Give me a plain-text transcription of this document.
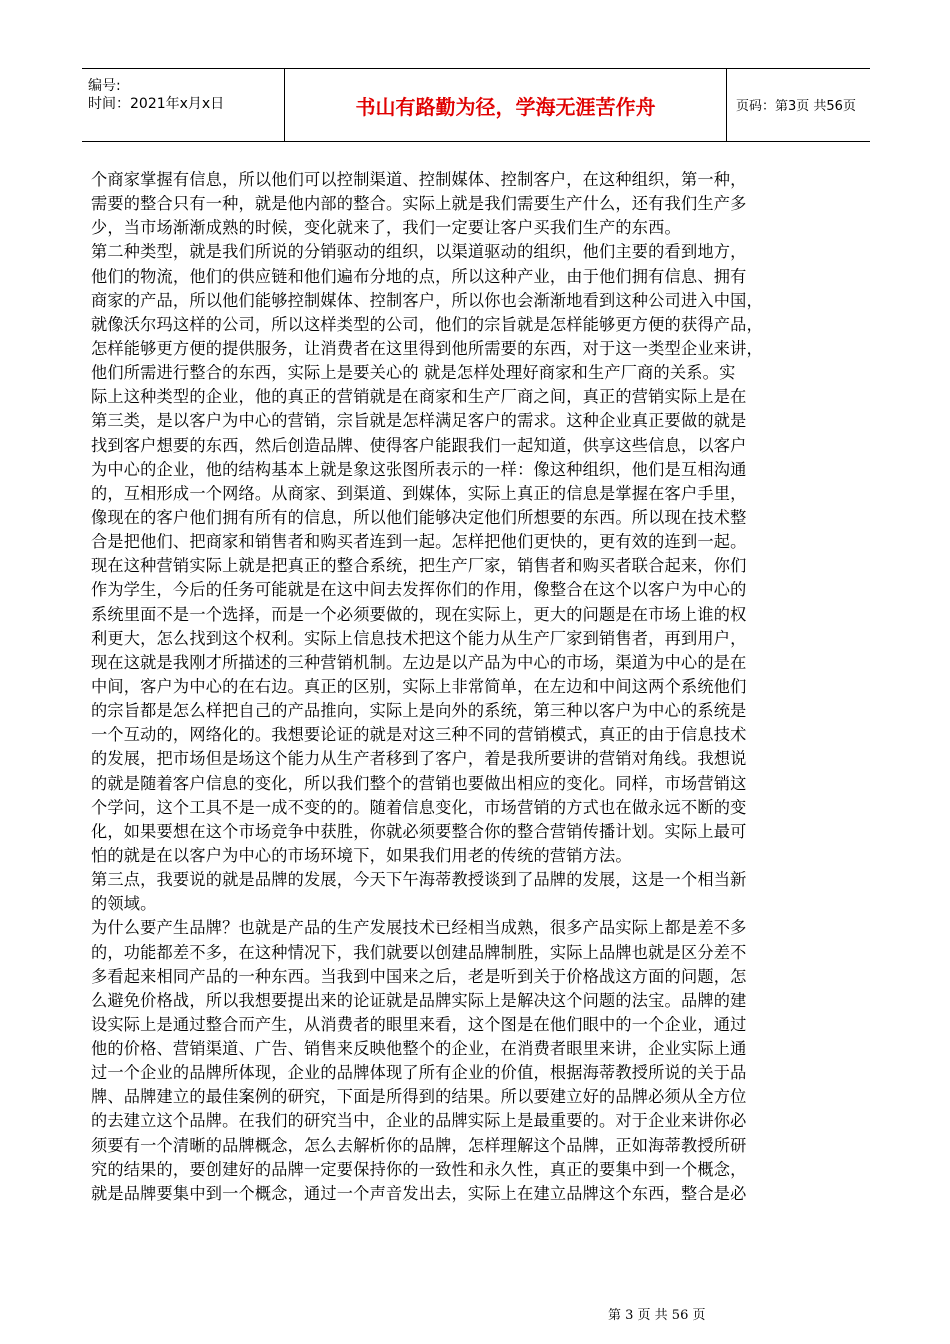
编号:
时间：2021年x月x日	书山有路勤为径，学海无涯苦作舟	页码：第3页 共56页
个商家掌握有信息，所以他们可以控制渠道、控制媒体、控制客户，在这种组织，第一种，
需要的整合只有一种，就是他内部的整合。实际上就是我们需要生产什么，还有我们生产多
少，当市场渐渐成熟的时候，变化就来了，我们一定要让客户买我们生产的东西。
第二种类型，就是我们所说的分销驱动的组织，以渠道驱动的组织，他们主要的看到地方，
他们的物流，他们的供应链和他们遍布分地的点，所以这种产业，由于他们拥有信息、拥有
商家的产品，所以他们能够控制媒体、控制客户，所以你也会渐渐地看到这种公司进入中国，
就像沃尔玛这样的公司，所以这样类型的公司，他们的宗旨就是怎样能够更方便的获得产品，
怎样能够更方便的提供服务，让消费者在这里得到他所需要的东西，对于这一类型企业来讲，
他们所需进行整合的东西，实际上是要关心的 就是怎样处理好商家和生产厂商的关系。实
际上这种类型的企业，他的真正的营销就是在商家和生产厂商之间，真正的营销实际上是在
第三类，是以客户为中心的营销，宗旨就是怎样满足客户的需求。这种企业真正要做的就是
找到客户想要的东西，然后创造品牌、使得客户能跟我们一起知道，供享这些信息，以客户
为中心的企业，他的结构基本上就是象这张图所表示的一样：像这种组织，他们是互相沟通
的，互相形成一个网络。从商家、到渠道、到媒体，实际上真正的信息是掌握在客户手里，
像现在的客户他们拥有所有的信息，所以他们能够决定他们所想要的东西。所以现在技术整
合是把他们、把商家和销售者和购买者连到一起。怎样把他们更快的，更有效的连到一起。
现在这种营销实际上就是把真正的整合系统，把生产厂家，销售者和购买者联合起来，你们
作为学生，今后的任务可能就是在这中间去发挥你们的作用，像整合在这个以客户为中心的
系统里面不是一个选择，而是一个必须要做的，现在实际上，更大的问题是在市场上谁的权
利更大，怎么找到这个权利。实际上信息技术把这个能力从生产厂家到销售者，再到用户，
现在这就是我刚才所描述的三种营销机制。左边是以产品为中心的市场，渠道为中心的是在
中间，客户为中心的在右边。真正的区别，实际上非常简单，在左边和中间这两个系统他们
的宗旨都是怎么样把自己的产品推向，实际上是向外的系统，第三种以客户为中心的系统是
一个互动的，网络化的。我想要论证的就是对这三种不同的营销模式，真正的由于信息技术
的发展，把市场但是场这个能力从生产者移到了客户，着是我所要讲的营销对角线。我想说
的就是随着客户信息的变化，所以我们整个的营销也要做出相应的变化。同样，市场营销这
个学问，这个工具不是一成不变的的。随着信息变化，市场营销的方式也在做永远不断的变
化，如果要想在这个市场竞争中获胜，你就必须要整合你的整合营销传播计划。实际上最可
怕的就是在以客户为中心的市场环境下，如果我们用老的传统的营销方法。
第三点，我要说的就是品牌的发展，今天下午海蒂教授谈到了品牌的发展，这是一个相当新
的领域。
为什么要产生品牌？也就是产品的生产发展技术已经相当成熟，很多产品实际上都是差不多
的，功能都差不多，在这种情况下，我们就要以创建品牌制胜，实际上品牌也就是区分差不
多看起来相同产品的一种东西。当我到中国来之后，老是听到关于价格战这方面的问题，怎
么避免价格战，所以我想要提出来的论证就是品牌实际上是解决这个问题的法宝。品牌的建
设实际上是通过整合而产生，从消费者的眼里来看，这个图是在他们眼中的一个企业，通过
他的价格、营销渠道、广告、销售来反映他整个的企业，在消费者眼里来讲，企业实际上通
过一个企业的品牌所体现，企业的品牌体现了所有企业的价值，根据海蒂教授所说的关于品
牌、品牌建立的最佳案例的研究，下面是所得到的结果。所以要建立好的品牌必须从全方位
的去建立这个品牌。在我们的研究当中，企业的品牌实际上是最重要的。对于企业来讲你必
须要有一个清晰的品牌概念，怎么去解析你的品牌，怎样理解这个品牌，正如海蒂教授所研
究的结果的，要创建好的品牌一定要保持你的一致性和永久性，真正的要集中到一个概念，
就是品牌要集中到一个概念，通过一个声音发出去，实际上在建立品牌这个东西，整合是必
第 3 页 共 56 页
